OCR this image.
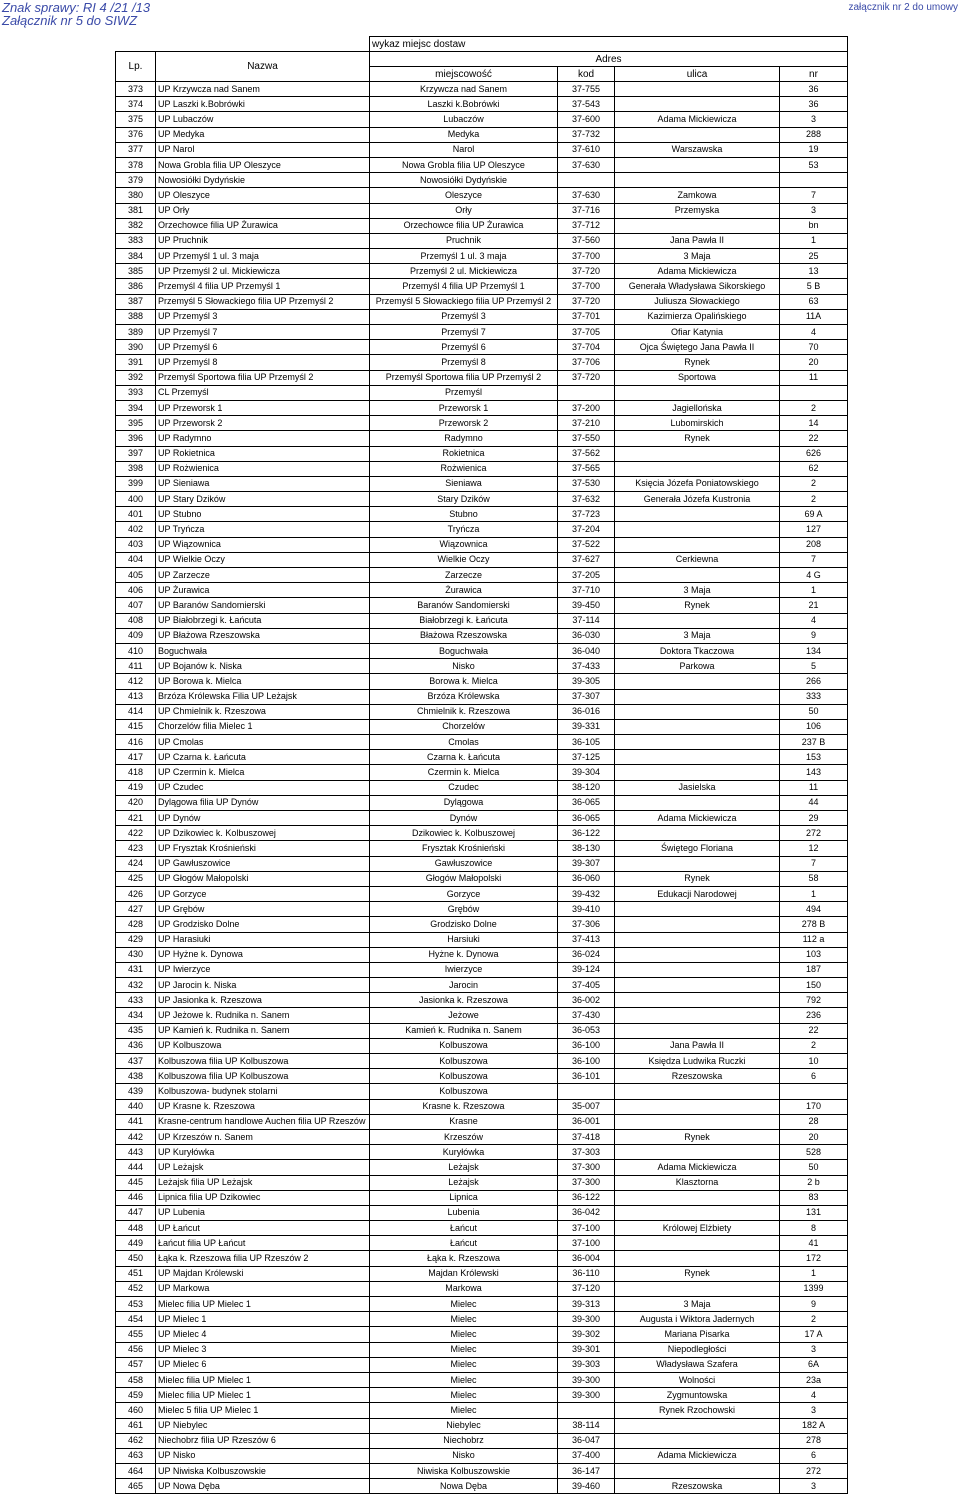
Znak sprawy: RI 4 /21 /13
Załącznik nr 5 do SIWZ
załącznik nr 2 do umowy
		wykaz miejsc dostaw			
Lp.	Nazwa	Adres			
		miejscowość	kod	ulica	nr
373	UP Krzywcza nad Sanem	Krzywcza nad Sanem	37-755		36
374	UP Laszki k.Bobrówki	Laszki k.Bobrówki	37-543		36
375	UP Lubaczów	Lubaczów	37-600	Adama Mickiewicza	3
376	UP Medyka	Medyka	37-732		288
377	UP Narol	Narol	37-610	Warszawska	19
378	Nowa Grobla filia UP Oleszyce	Nowa Grobla filia UP Oleszyce	37-630		53
379	Nowosiółki Dydyńskie	Nowosiółki Dydyńskie			
380	UP Oleszyce	Oleszyce	37-630	Zamkowa	7
381	UP Orły	Orły	37-716	Przemyska	3
382	Orzechowce filia UP Żurawica	Orzechowce filia UP Żurawica	37-712		bn
383	UP Pruchnik	Pruchnik	37-560	Jana Pawła II	1
384	UP Przemyśl 1 ul. 3 maja	Przemyśl 1 ul. 3 maja	37-700	3 Maja	25
385	UP Przemyśl 2 ul. Mickiewicza	Przemyśl 2 ul. Mickiewicza	37-720	Adama Mickiewicza	13
386	Przemyśl 4 filia UP Przemyśl 1	Przemyśl 4 filia UP Przemyśl 1	37-700	Generała Władysława Sikorskiego	5 B
387	Przemyśl 5 Słowackiego filia UP Przemyśl 2	Przemyśl 5 Słowackiego filia UP Przemyśl 2	37-720	Juliusza Słowackiego	63
388	UP Przemyśl 3	Przemyśl 3	37-701	Kazimierza Opalińskiego	11A
389	UP Przemyśl 7	Przemyśl 7	37-705	Ofiar Katynia	4
390	UP Przemyśl 6	Przemyśl 6	37-704	Ojca Świętego Jana Pawła II	70
391	UP Przemyśl 8	Przemyśl 8	37-706	Rynek	20
392	Przemyśl Sportowa filia UP Przemyśl 2	Przemyśl Sportowa filia UP Przemyśl 2	37-720	Sportowa	11
393	CL Przemyśl	Przemyśl			
394	UP Przeworsk 1	Przeworsk 1	37-200	Jagiellońska	2
395	UP Przeworsk 2	Przeworsk 2	37-210	Lubomirskich	14
396	UP Radymno	Radymno	37-550	Rynek	22
397	UP Rokietnica	Rokietnica	37-562		626
398	UP Rożwienica	Rożwienica	37-565		62
399	UP Sieniawa	Sieniawa	37-530	Księcia Józefa Poniatowskiego	2
400	UP Stary Dzików	Stary Dzików	37-632	Generała Józefa Kustronia	2
401	UP Stubno	Stubno	37-723		69 A
402	UP Tryńcza	Tryńcza	37-204		127
403	UP Wiązownica	Wiązownica	37-522		208
404	UP Wielkie Oczy	Wielkie Oczy	37-627	Cerkiewna	7
405	UP Zarzecze	Zarzecze	37-205		4 G
406	UP Żurawica	Żurawica	37-710	3 Maja	1
407	UP Baranów Sandomierski	Baranów Sandomierski	39-450	Rynek	21
408	UP Białobrzegi k. Łańcuta	Białobrzegi k. Łańcuta	37-114		4
409	UP Błażowa Rzeszowska	Błażowa Rzeszowska	36-030	3 Maja	9
410	Boguchwała	Boguchwała	36-040	Doktora Tkaczowa	134
411	UP Bojanów k. Niska	Nisko	37-433	Parkowa	5
412	UP Borowa k. Mielca	Borowa k. Mielca	39-305		266
413	Brzóza Królewska Filia UP Leżajsk	Brzóza Królewska	37-307		333
414	UP Chmielnik k. Rzeszowa	Chmielnik k. Rzeszowa	36-016		50
415	Chorzelów filia Mielec 1	Chorzelów	39-331		106
416	UP Cmolas	Cmolas	36-105		237 B
417	UP Czarna k. Łańcuta	Czarna k. Łańcuta	37-125		153
418	UP Czermin k. Mielca	Czermin k. Mielca	39-304		143
419	UP Czudec	Czudec	38-120	Jasielska	11
420	Dylągowa filia UP Dynów	Dylągowa	36-065		44
421	UP Dynów	Dynów	36-065	Adama Mickiewicza	29
422	UP Dzikowiec k. Kolbuszowej	Dzikowiec k. Kolbuszowej	36-122		272
423	UP Frysztak Krośnieński	Frysztak Krośnieński	38-130	Świętego Floriana	12
424	UP Gawłuszowice	Gawłuszowice	39-307		7
425	UP Głogów Małopolski	Głogów Małopolski	36-060	Rynek	58
426	UP Gorzyce	Gorzyce	39-432	Edukacji Narodowej	1
427	UP Grębów	Grębów	39-410		494
428	UP Grodzisko Dolne	Grodzisko Dolne	37-306		278 B
429	UP Harasiuki	Harsiuki	37-413		112 a
430	UP Hyżne k. Dynowa	Hyżne k. Dynowa	36-024		103
431	UP Iwierzyce	Iwierzyce	39-124		187
432	UP Jarocin k. Niska	Jarocin	37-405		150
433	UP Jasionka k. Rzeszowa	Jasionka k. Rzeszowa	36-002		792
434	UP Jeżowe k. Rudnika n. Sanem	Jeżowe	37-430		236
435	UP Kamień k. Rudnika n. Sanem	Kamień k. Rudnika n. Sanem	36-053		22
436	UP Kolbuszowa	Kolbuszowa	36-100	Jana Pawła II	2
437	Kolbuszowa filia UP Kolbuszowa	Kolbuszowa	36-100	Księdza Ludwika Ruczki	10
438	Kolbuszowa filia UP Kolbuszowa	Kolbuszowa	36-101	Rzeszowska	6
439	Kolbuszowa- budynek stolarni	Kolbuszowa			
440	UP Krasne k. Rzeszowa	Krasne k. Rzeszowa	35-007		170
441	Krasne-centrum handlowe Auchen filia UP Rzeszów	Krasne	36-001		28
442	UP Krzeszów n. Sanem	Krzeszów	37-418	Rynek	20
443	UP Kuryłówka	Kuryłówka	37-303		528
444	UP Leżajsk	Leżajsk	37-300	Adama Mickiewicza	50
445	Leżajsk filia UP Leżajsk	Leżajsk	37-300	Klasztorna	2 b
446	Lipnica filia UP Dzikowiec	Lipnica	36-122		83
447	UP Lubenia	Lubenia	36-042		131
448	UP Łańcut	Łańcut	37-100	Królowej Elżbiety	8
449	Łańcut filia UP Łańcut	Łańcut	37-100		41
450	Łąka k. Rzeszowa filia UP Rzeszów 2	Łąka k. Rzeszowa	36-004		172
451	UP Majdan Królewski	Majdan Królewski	36-110	Rynek	1
452	UP Markowa	Markowa	37-120		1399
453	Mielec filia UP Mielec 1	Mielec	39-313	3 Maja	9
454	UP Mielec 1	Mielec	39-300	Augusta i Wiktora Jadernych	2
455	UP Mielec 4	Mielec	39-302	Mariana Pisarka	17 A
456	UP Mielec 3	Mielec	39-301	Niepodległości	3
457	UP Mielec 6	Mielec	39-303	Władysława Szafera	6A
458	Mielec filia UP Mielec 1	Mielec	39-300	Wolności	23a
459	Mielec filia UP Mielec 1	Mielec	39-300	Zygmuntowska	4
460	Mielec 5 filia UP Mielec 1	Mielec		Rynek Rzochowski	3
461	UP Niebylec	Niebylec	38-114		182 A
462	Niechobrz filia UP Rzeszów 6	Niechobrz	36-047		278
463	UP Nisko	Nisko	37-400	Adama Mickiewicza	6
464	UP Niwiska Kolbuszowskie	Niwiska Kolbuszowskie	36-147		272
465	UP Nowa Dęba	Nowa Dęba	39-460	Rzeszowska	3
